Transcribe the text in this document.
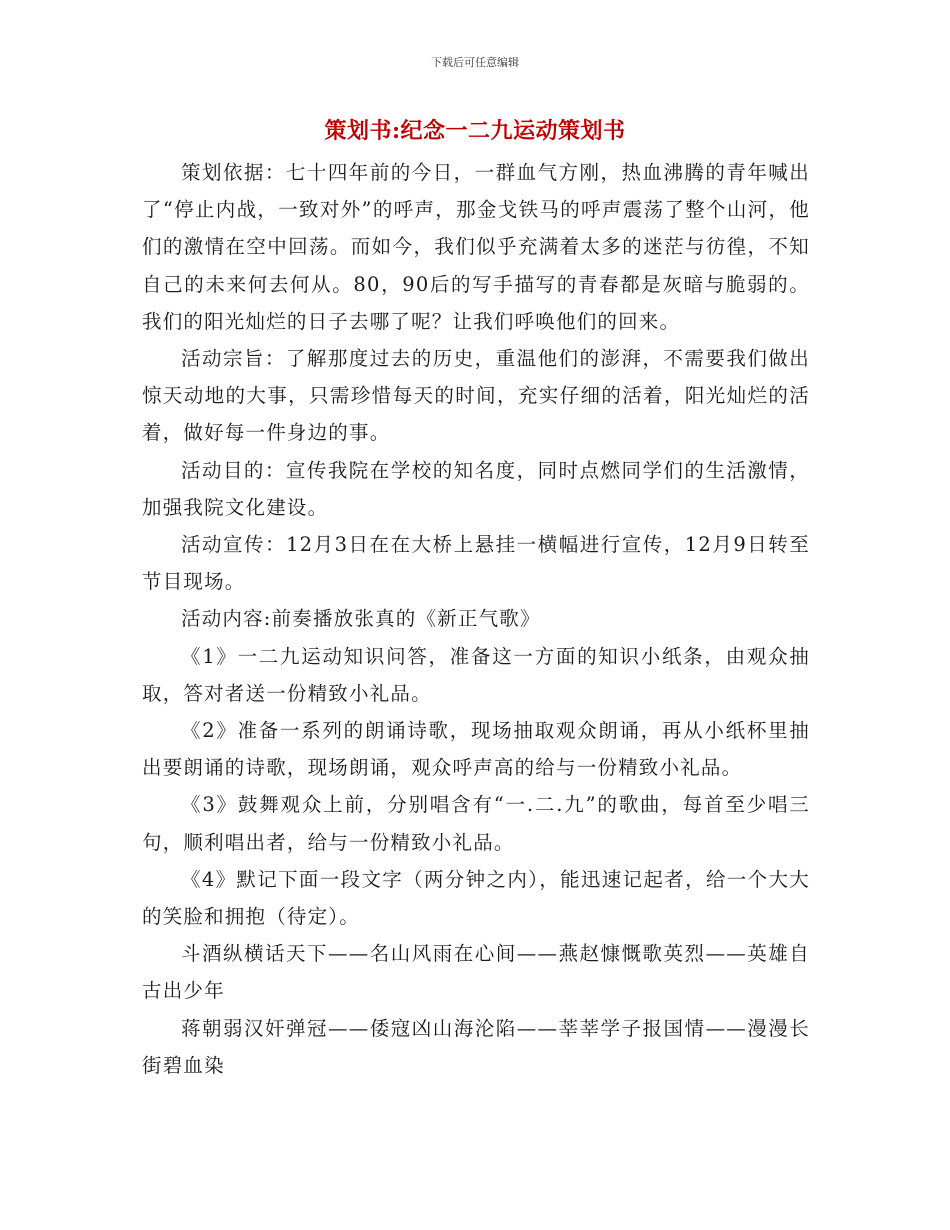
下载后可任意编辑
策划书:纪念一二九运动策划书

策划依据：七十四年前的今日，一群血气方刚，热血沸腾的青年喊出了“停止内战，一致对外”的呼声，那金戈铁马的呼声震荡了整个山河，他们的激情在空中回荡。而如今，我们似乎充满着太多的迷茫与彷徨，不知自己的未来何去何从。80，90后的写手描写的青春都是灰暗与脆弱的。我们的阳光灿烂的日子去哪了呢？让我们呼唤他们的回来。

活动宗旨：了解那度过去的历史，重温他们的澎湃，不需要我们做出惊天动地的大事，只需珍惜每天的时间，充实仔细的活着，阳光灿烂的活着，做好每一件身边的事。

活动目的：宣传我院在学校的知名度，同时点燃同学们的生活激情，加强我院文化建设。

活动宣传：12月3日在在大桥上悬挂一横幅进行宣传，12月9日转至节目现场。

活动内容:前奏播放张真的《新正气歌》

《1》一二九运动知识问答，准备这一方面的知识小纸条，由观众抽取，答对者送一份精致小礼品。

《2》准备一系列的朗诵诗歌，现场抽取观众朗诵，再从小纸杯里抽出要朗诵的诗歌，现场朗诵，观众呼声高的给与一份精致小礼品。

《3》鼓舞观众上前，分别唱含有“一.二.九”的歌曲，每首至少唱三句，顺利唱出者，给与一份精致小礼品。

《4》默记下面一段文字（两分钟之内），能迅速记起者，给一个大大的笑脸和拥抱（待定）。

斗酒纵横话天下——名山风雨在心间——燕赵慷慨歌英烈——英雄自古出少年

蒋朝弱汉奸弹冠——倭寇凶山海沦陷——莘莘学子报国情——漫漫长街碧血染
